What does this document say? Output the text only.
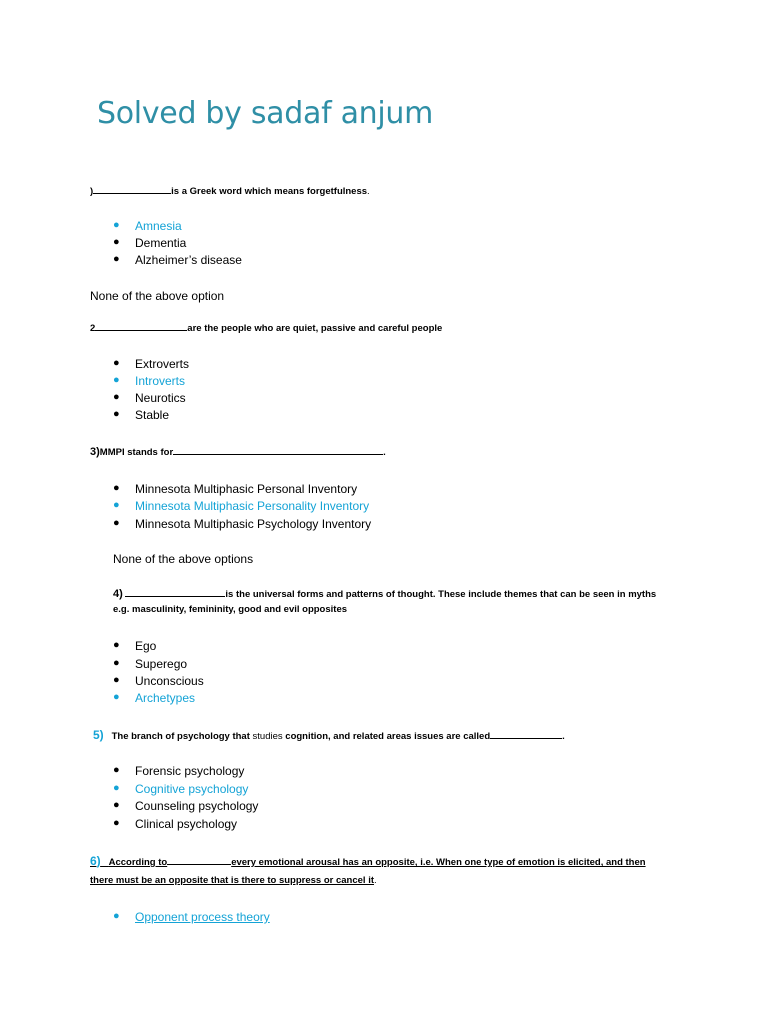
Solved by sadaf anjum
)	is a Greek word which means forgetfulness.
● Amnesia
● Dementia
● Alzheimer’s disease
None of the above option
2	are the people who are quiet, passive and careful people
● Extroverts
● Introverts
● Neurotics
● Stable
3)MMPI stands for	.
● Minnesota Multiphasic Personal Inventory
● Minnesota Multiphasic Personality Inventory
● Minnesota Multiphasic Psychology Inventory
None of the above options
4)	is the universal forms and patterns of thought. These include themes that can be seen in myths
e.g. masculinity, femininity, good and evil opposites
● Ego
● Superego
● Unconscious
● Archetypes
5) The branch of psychology that studies cognition, and related areas issues are called	.
● Forensic psychology
● Cognitive psychology
● Counseling psychology
● Clinical psychology
6) According to	every emotional arousal has an opposite, i.e. When one type of emotion is elicited, and then
there must be an opposite that is there to suppress or cancel it.
● Opponent process theory
